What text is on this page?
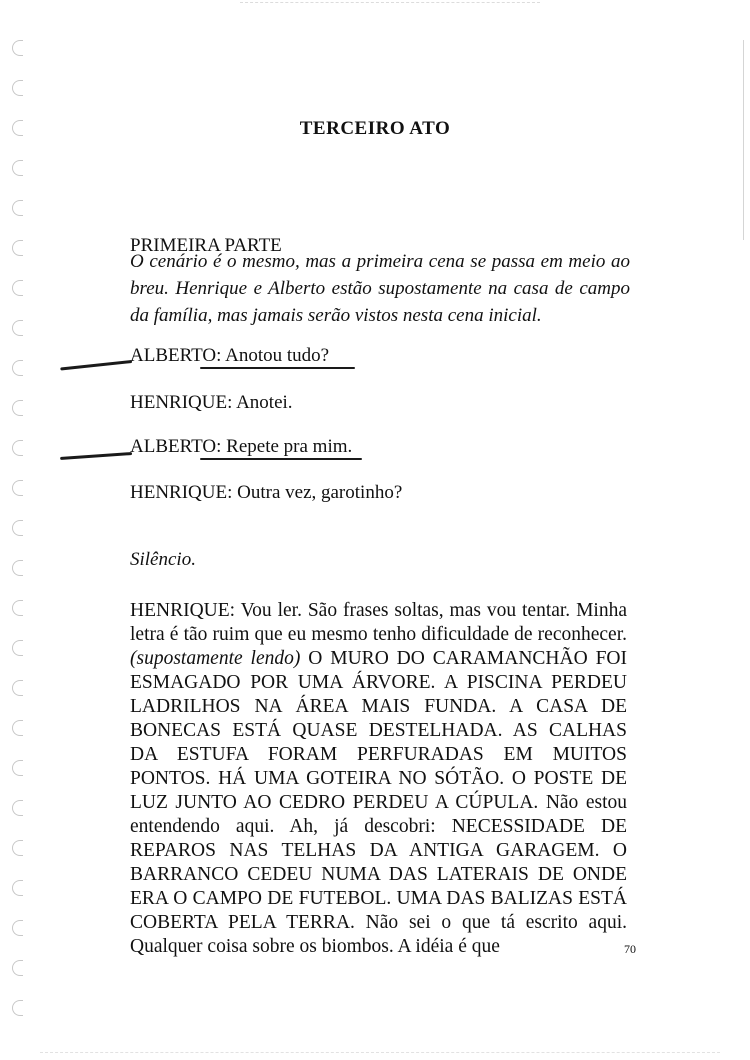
TERCEIRO ATO
PRIMEIRA PARTE
O cenário é o mesmo, mas a primeira cena se passa em meio ao breu. Henrique e Alberto estão supostamente na casa de campo da família, mas jamais serão vistos nesta cena inicial.
ALBERTO: Anotou tudo?
HENRIQUE: Anotei.
ALBERTO: Repete pra mim.
HENRIQUE: Outra vez, garotinho?
Silêncio.
HENRIQUE: Vou ler. São frases soltas, mas vou tentar. Minha letra é tão ruim que eu mesmo tenho dificuldade de reconhecer. (supostamente lendo) O MURO DO CARAMANCHÃO FOI ESMAGADO POR UMA ÁRVORE. A PISCINA PERDEU LADRILHOS NA ÁREA MAIS FUNDA. A CASA DE BONECAS ESTÁ QUASE DESTELHADA. AS CALHAS DA ESTUFA FORAM PERFURADAS EM MUITOS PONTOS. HÁ UMA GOTEIRA NO SÓTÃO. O POSTE DE LUZ JUNTO AO CEDRO PERDEU A CÚPULA. Não estou entendendo aqui. Ah, já descobri: NECESSIDADE DE REPAROS NAS TELHAS DA ANTIGA GARAGEM. O BARRANCO CEDEU NUMA DAS LATERAIS DE ONDE ERA O CAMPO DE FUTEBOL. UMA DAS BALIZAS ESTÁ COBERTA PELA TERRA. Não sei o que tá escrito aqui. Qualquer coisa sobre os biombos. A idéia é que	70
